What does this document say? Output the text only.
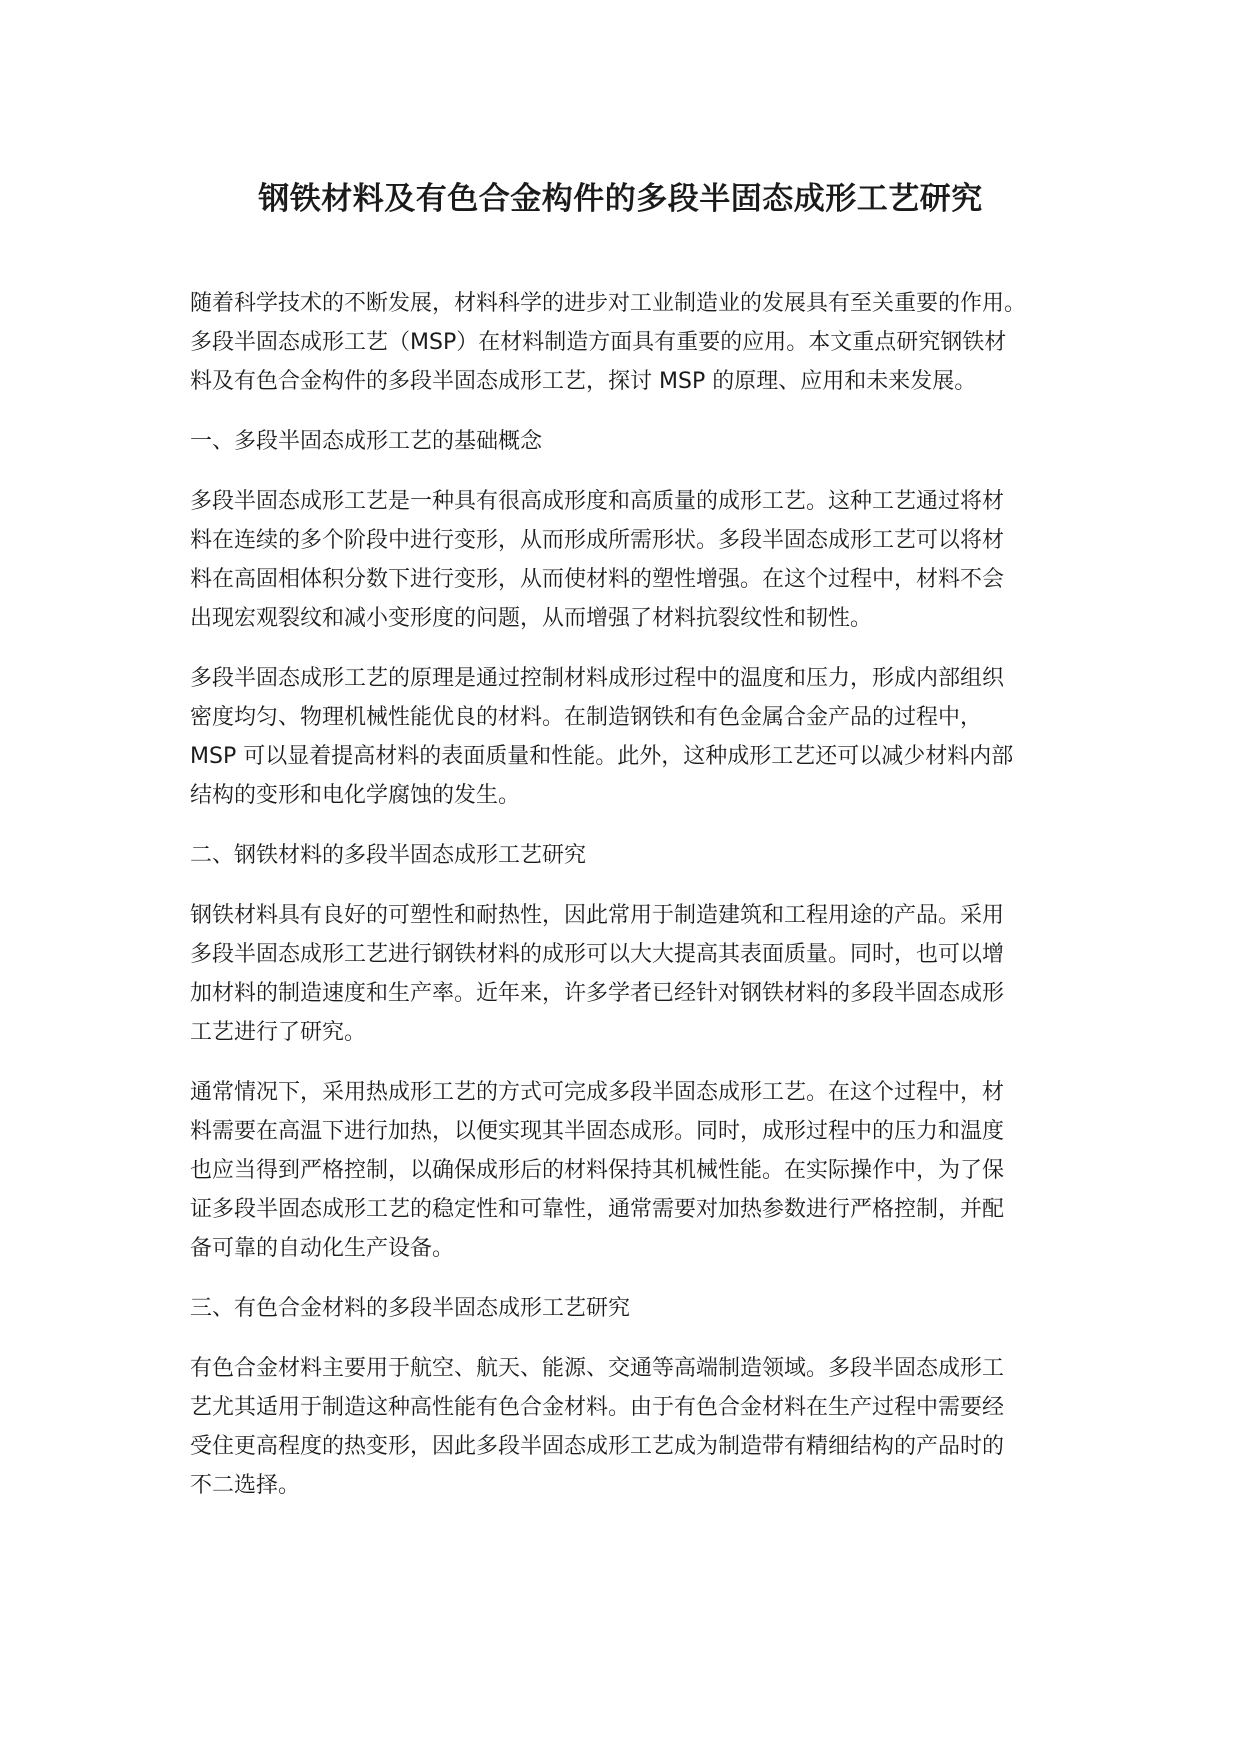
钢铁材料及有色合金构件的多段半固态成形工艺研究

随着科学技术的不断发展，材料科学的进步对工业制造业的发展具有至关重要的作用。
多段半固态成形工艺（MSP）在材料制造方面具有重要的应用。本文重点研究钢铁材
料及有色合金构件的多段半固态成形工艺，探讨 MSP 的原理、应用和未来发展。

一、多段半固态成形工艺的基础概念

多段半固态成形工艺是一种具有很高成形度和高质量的成形工艺。这种工艺通过将材
料在连续的多个阶段中进行变形，从而形成所需形状。多段半固态成形工艺可以将材
料在高固相体积分数下进行变形，从而使材料的塑性增强。在这个过程中，材料不会
出现宏观裂纹和减小变形度的问题，从而增强了材料抗裂纹性和韧性。

多段半固态成形工艺的原理是通过控制材料成形过程中的温度和压力，形成内部组织
密度均匀、物理机械性能优良的材料。在制造钢铁和有色金属合金产品的过程中，
MSP 可以显着提高材料的表面质量和性能。此外，这种成形工艺还可以减少材料内部
结构的变形和电化学腐蚀的发生。

二、钢铁材料的多段半固态成形工艺研究

钢铁材料具有良好的可塑性和耐热性，因此常用于制造建筑和工程用途的产品。采用
多段半固态成形工艺进行钢铁材料的成形可以大大提高其表面质量。同时，也可以增
加材料的制造速度和生产率。近年来，许多学者已经针对钢铁材料的多段半固态成形
工艺进行了研究。

通常情况下，采用热成形工艺的方式可完成多段半固态成形工艺。在这个过程中，材
料需要在高温下进行加热，以便实现其半固态成形。同时，成形过程中的压力和温度
也应当得到严格控制，以确保成形后的材料保持其机械性能。在实际操作中，为了保
证多段半固态成形工艺的稳定性和可靠性，通常需要对加热参数进行严格控制，并配
备可靠的自动化生产设备。

三、有色合金材料的多段半固态成形工艺研究

有色合金材料主要用于航空、航天、能源、交通等高端制造领域。多段半固态成形工
艺尤其适用于制造这种高性能有色合金材料。由于有色合金材料在生产过程中需要经
受住更高程度的热变形，因此多段半固态成形工艺成为制造带有精细结构的产品时的
不二选择。
